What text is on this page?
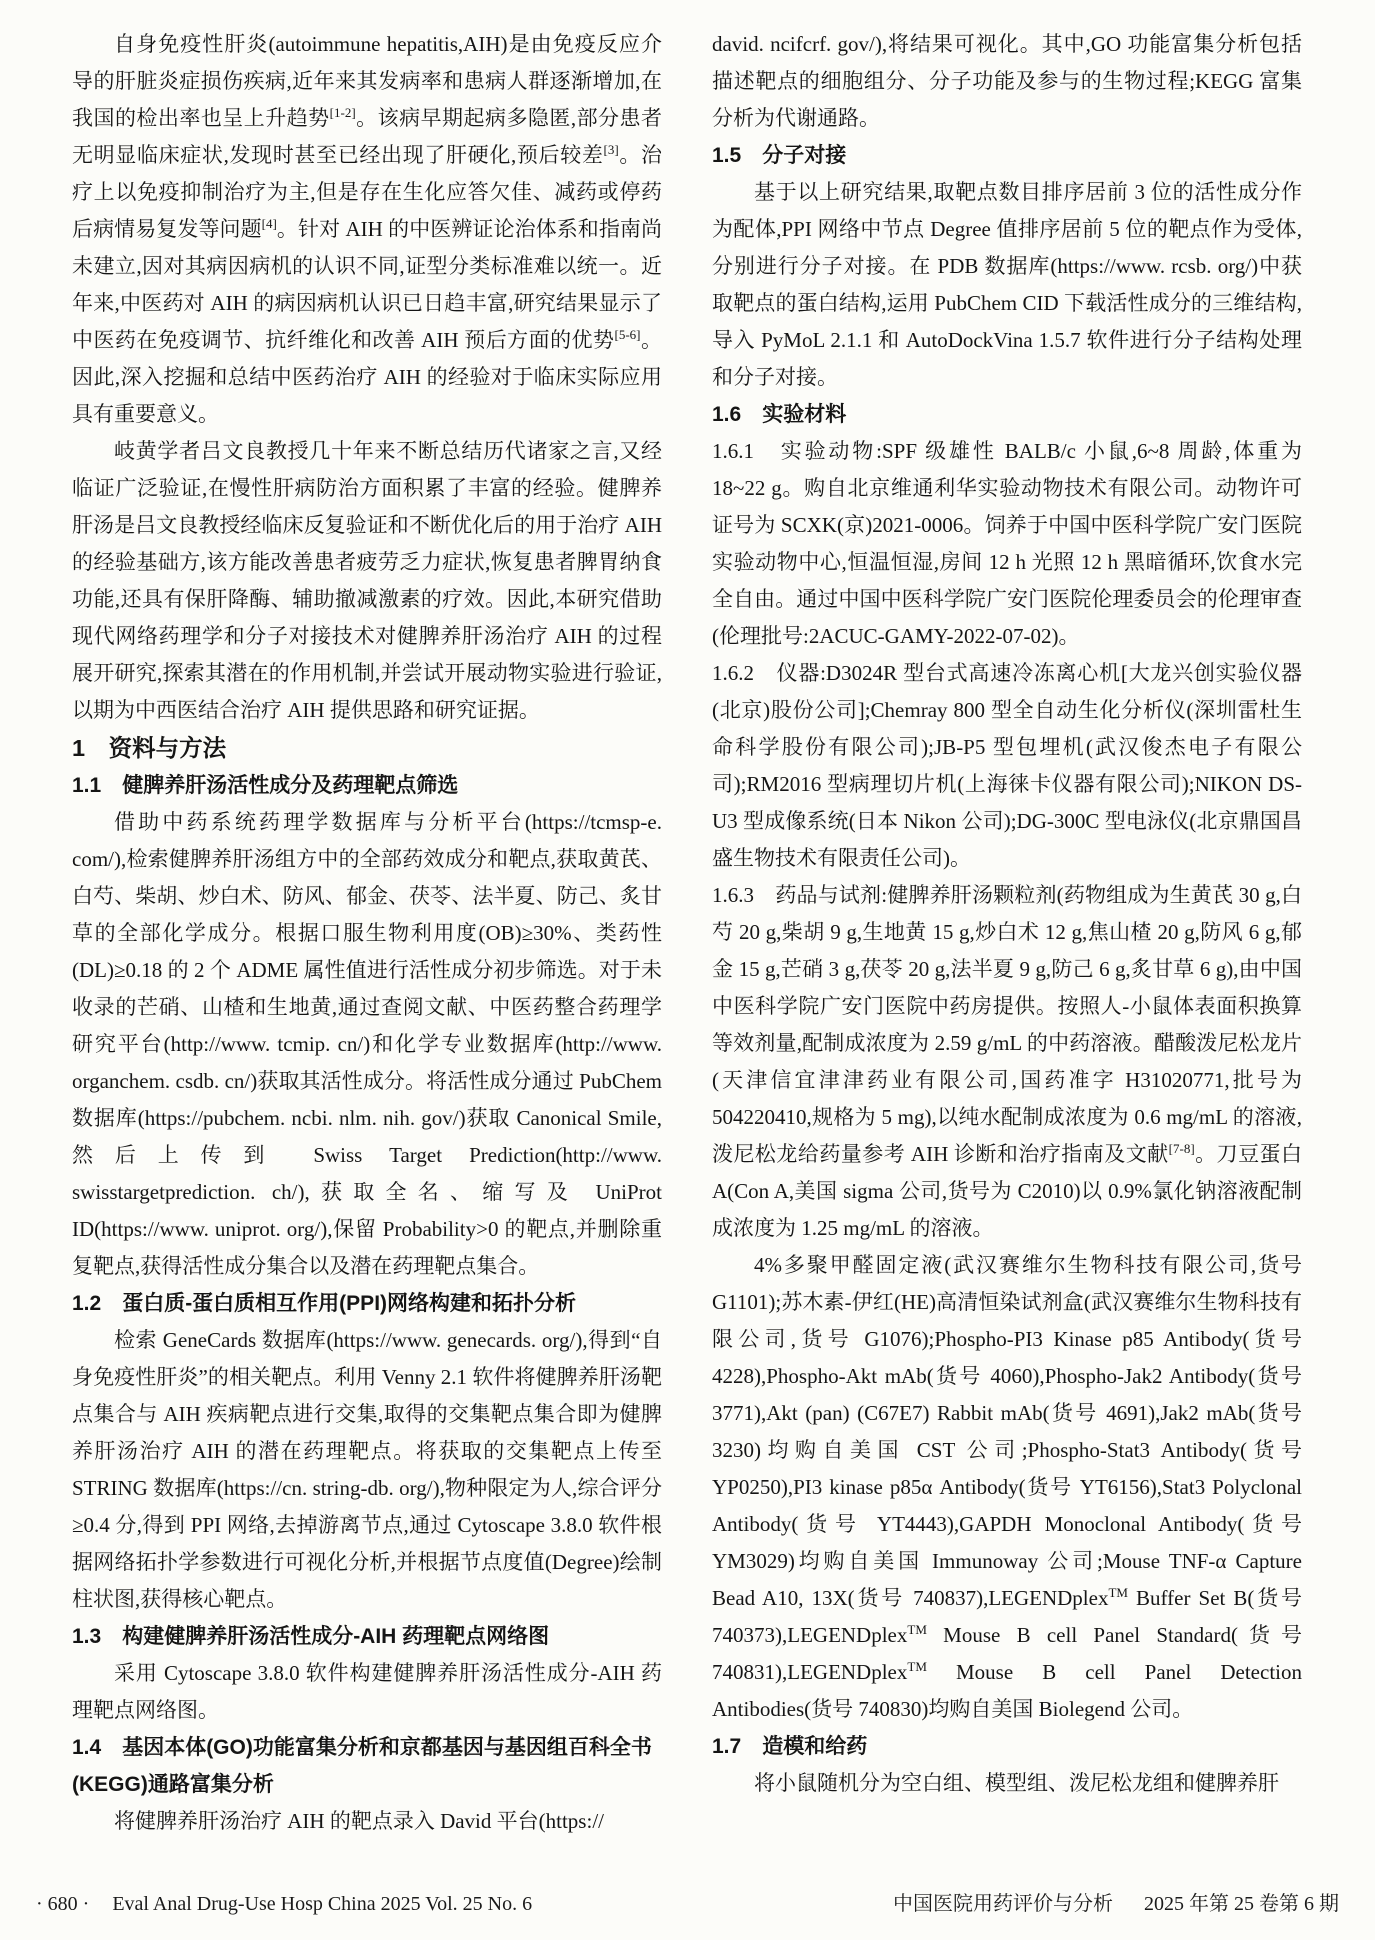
自身免疫性肝炎(autoimmune hepatitis,AIH)是由免疫反应介导的肝脏炎症损伤疾病,近年来其发病率和患病人群逐渐增加,在我国的检出率也呈上升趋势[1-2]。该病早期起病多隐匿,部分患者无明显临床症状,发现时甚至已经出现了肝硬化,预后较差[3]。治疗上以免疫抑制治疗为主,但是存在生化应答欠佳、减药或停药后病情易复发等问题[4]。针对 AIH 的中医辨证论治体系和指南尚未建立,因对其病因病机的认识不同,证型分类标准难以统一。近年来,中医药对 AIH 的病因病机认识已日趋丰富,研究结果显示了中医药在免疫调节、抗纤维化和改善 AIH 预后方面的优势[5-6]。因此,深入挖掘和总结中医药治疗 AIH 的经验对于临床实际应用具有重要意义。

岐黄学者吕文良教授几十年来不断总结历代诸家之言,又经临证广泛验证,在慢性肝病防治方面积累了丰富的经验。健脾养肝汤是吕文良教授经临床反复验证和不断优化后的用于治疗 AIH 的经验基础方,该方能改善患者疲劳乏力症状,恢复患者脾胃纳食功能,还具有保肝降酶、辅助撤减激素的疗效。因此,本研究借助现代网络药理学和分子对接技术对健脾养肝汤治疗 AIH 的过程展开研究,探索其潜在的作用机制,并尝试开展动物实验进行验证,以期为中西医结合治疗 AIH 提供思路和研究证据。

1　资料与方法
1.1　健脾养肝汤活性成分及药理靶点筛选

借助中药系统药理学数据库与分析平台(https://tcmsp-e. com/),检索健脾养肝汤组方中的全部药效成分和靶点,获取黄芪、白芍、柴胡、炒白术、防风、郁金、茯苓、法半夏、防己、炙甘草的全部化学成分。根据口服生物利用度(OB)≥30%、类药性(DL)≥0.18 的 2 个 ADME 属性值进行活性成分初步筛选。对于未收录的芒硝、山楂和生地黄,通过查阅文献、中医药整合药理学研究平台(http://www. tcmip. cn/)和化学专业数据库(http://www. organchem. csdb. cn/)获取其活性成分。将活性成分通过 PubChem 数据库(https://pubchem. ncbi. nlm. nih. gov/)获取 Canonical Smile,然后上传到 Swiss Target Prediction(http://www. swisstargetprediction. ch/),获取全名、缩写及 UniProt ID(https://www. uniprot. org/),保留 Probability>0 的靶点,并删除重复靶点,获得活性成分集合以及潜在药理靶点集合。

1.2　蛋白质-蛋白质相互作用(PPI)网络构建和拓扑分析

检索 GeneCards 数据库(https://www. genecards. org/),得到“自身免疫性肝炎”的相关靶点。利用 Venny 2.1 软件将健脾养肝汤靶点集合与 AIH 疾病靶点进行交集,取得的交集靶点集合即为健脾养肝汤治疗 AIH 的潜在药理靶点。将获取的交集靶点上传至 STRING 数据库(https://cn. string-db. org/),物种限定为人,综合评分≥0.4 分,得到 PPI 网络,去掉游离节点,通过 Cytoscape 3.8.0 软件根据网络拓扑学参数进行可视化分析,并根据节点度值(Degree)绘制柱状图,获得核心靶点。

1.3　构建健脾养肝汤活性成分-AIH 药理靶点网络图

采用 Cytoscape 3.8.0 软件构建健脾养肝汤活性成分-AIH 药理靶点网络图。

1.4　基因本体(GO)功能富集分析和京都基因与基因组百科全书(KEGG)通路富集分析

将健脾养肝汤治疗 AIH 的靶点录入 David 平台(https://

david. ncifcrf. gov/),将结果可视化。其中,GO 功能富集分析包括描述靶点的细胞组分、分子功能及参与的生物过程;KEGG 富集分析为代谢通路。

1.5　分子对接

基于以上研究结果,取靶点数目排序居前 3 位的活性成分作为配体,PPI 网络中节点 Degree 值排序居前 5 位的靶点作为受体,分别进行分子对接。在 PDB 数据库(https://www. rcsb. org/)中获取靶点的蛋白结构,运用 PubChem CID 下载活性成分的三维结构,导入 PyMoL 2.1.1 和 AutoDockVina 1.5.7 软件进行分子结构处理和分子对接。

1.6　实验材料

1.6.1　实验动物:SPF 级雄性 BALB/c 小鼠,6~8 周龄,体重为 18~22 g。购自北京维通利华实验动物技术有限公司。动物许可证号为 SCXK(京)2021-0006。饲养于中国中医科学院广安门医院实验动物中心,恒温恒湿,房间 12 h 光照 12 h 黑暗循环,饮食水完全自由。通过中国中医科学院广安门医院伦理委员会的伦理审查(伦理批号:2ACUC-GAMY-2022-07-02)。

1.6.2　仪器:D3024R 型台式高速冷冻离心机[大龙兴创实验仪器(北京)股份公司];Chemray 800 型全自动生化分析仪(深圳雷杜生命科学股份有限公司);JB-P5 型包埋机(武汉俊杰电子有限公司);RM2016 型病理切片机(上海徕卡仪器有限公司);NIKON DS-U3 型成像系统(日本 Nikon 公司);DG-300C 型电泳仪(北京鼎国昌盛生物技术有限责任公司)。

1.6.3　药品与试剂:健脾养肝汤颗粒剂(药物组成为生黄芪 30 g,白芍 20 g,柴胡 9 g,生地黄 15 g,炒白术 12 g,焦山楂 20 g,防风 6 g,郁金 15 g,芒硝 3 g,茯苓 20 g,法半夏 9 g,防己 6 g,炙甘草 6 g),由中国中医科学院广安门医院中药房提供。按照人-小鼠体表面积换算等效剂量,配制成浓度为 2.59 g/mL 的中药溶液。醋酸泼尼松龙片(天津信宜津津药业有限公司,国药准字 H31020771,批号为 504220410,规格为 5 mg),以纯水配制成浓度为 0.6 mg/mL 的溶液,泼尼松龙给药量参考 AIH 诊断和治疗指南及文献[7-8]。刀豆蛋白 A(Con A,美国 sigma 公司,货号为 C2010)以 0.9%氯化钠溶液配制成浓度为 1.25 mg/mL 的溶液。

4%多聚甲醛固定液(武汉赛维尔生物科技有限公司,货号 G1101);苏木素-伊红(HE)高清恒染试剂盒(武汉赛维尔生物科技有限公司,货号 G1076);Phospho-PI3 Kinase p85 Antibody(货号 4228),Phospho-Akt mAb(货号 4060),Phospho-Jak2 Antibody(货号 3771),Akt (pan) (C67E7) Rabbit mAb(货号 4691),Jak2 mAb(货号 3230)均购自美国 CST 公司;Phospho-Stat3 Antibody(货号 YP0250),PI3 kinase p85α Antibody(货号 YT6156),Stat3 Polyclonal Antibody(货号 YT4443),GAPDH Monoclonal Antibody(货号 YM3029)均购自美国 Immunoway 公司;Mouse TNF-α Capture Bead A10, 13X(货号 740837),LEGENDplex™ Buffer Set B(货号 740373),LEGENDplex™ Mouse B cell Panel Standard(货号 740831),LEGENDplex™ Mouse B cell Panel Detection Antibodies(货号 740830)均购自美国 Biolegend 公司。

1.7　造模和给药

将小鼠随机分为空白组、模型组、泼尼松龙组和健脾养肝

· 680 · Eval Anal Drug-Use Hosp China 2025 Vol. 25 No. 6	中国医院用药评价与分析 2025 年第 25 卷第 6 期
